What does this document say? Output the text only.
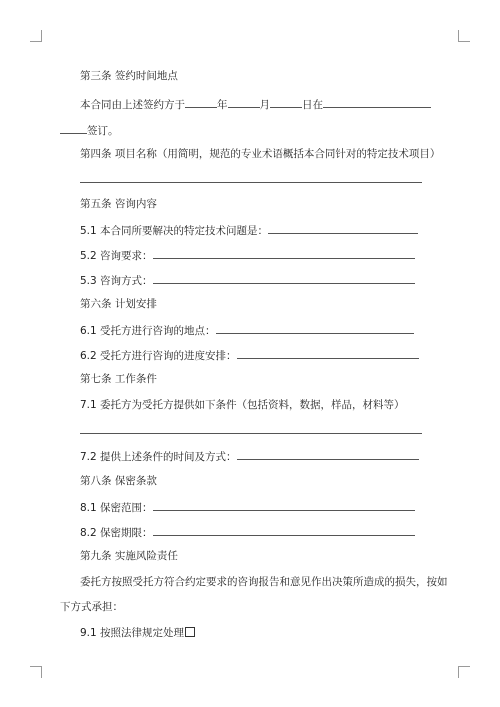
第三条 签约时间地点
本合同由上述签约方于	年	月	日在
签订。
第四条 项目名称（用简明，规范的专业术语概括本合同针对的特定技术项目）
第五条 咨询内容
5.1 本合同所要解决的特定技术问题是：
5.2 咨询要求：
5.3 咨询方式：
第六条 计划安排
6.1 受托方进行咨询的地点：
6.2 受托方进行咨询的进度安排：
第七条 工作条件
7.1 委托方为受托方提供如下条件（包括资料，数据，样品，材料等）
7.2 提供上述条件的时间及方式：
第八条 保密条款
8.1 保密范围：
8.2 保密期限：
第九条 实施风险责任
委托方按照受托方符合约定要求的咨询报告和意见作出决策所造成的损失，按如
下方式承担：
9.1 按照法律规定处理
